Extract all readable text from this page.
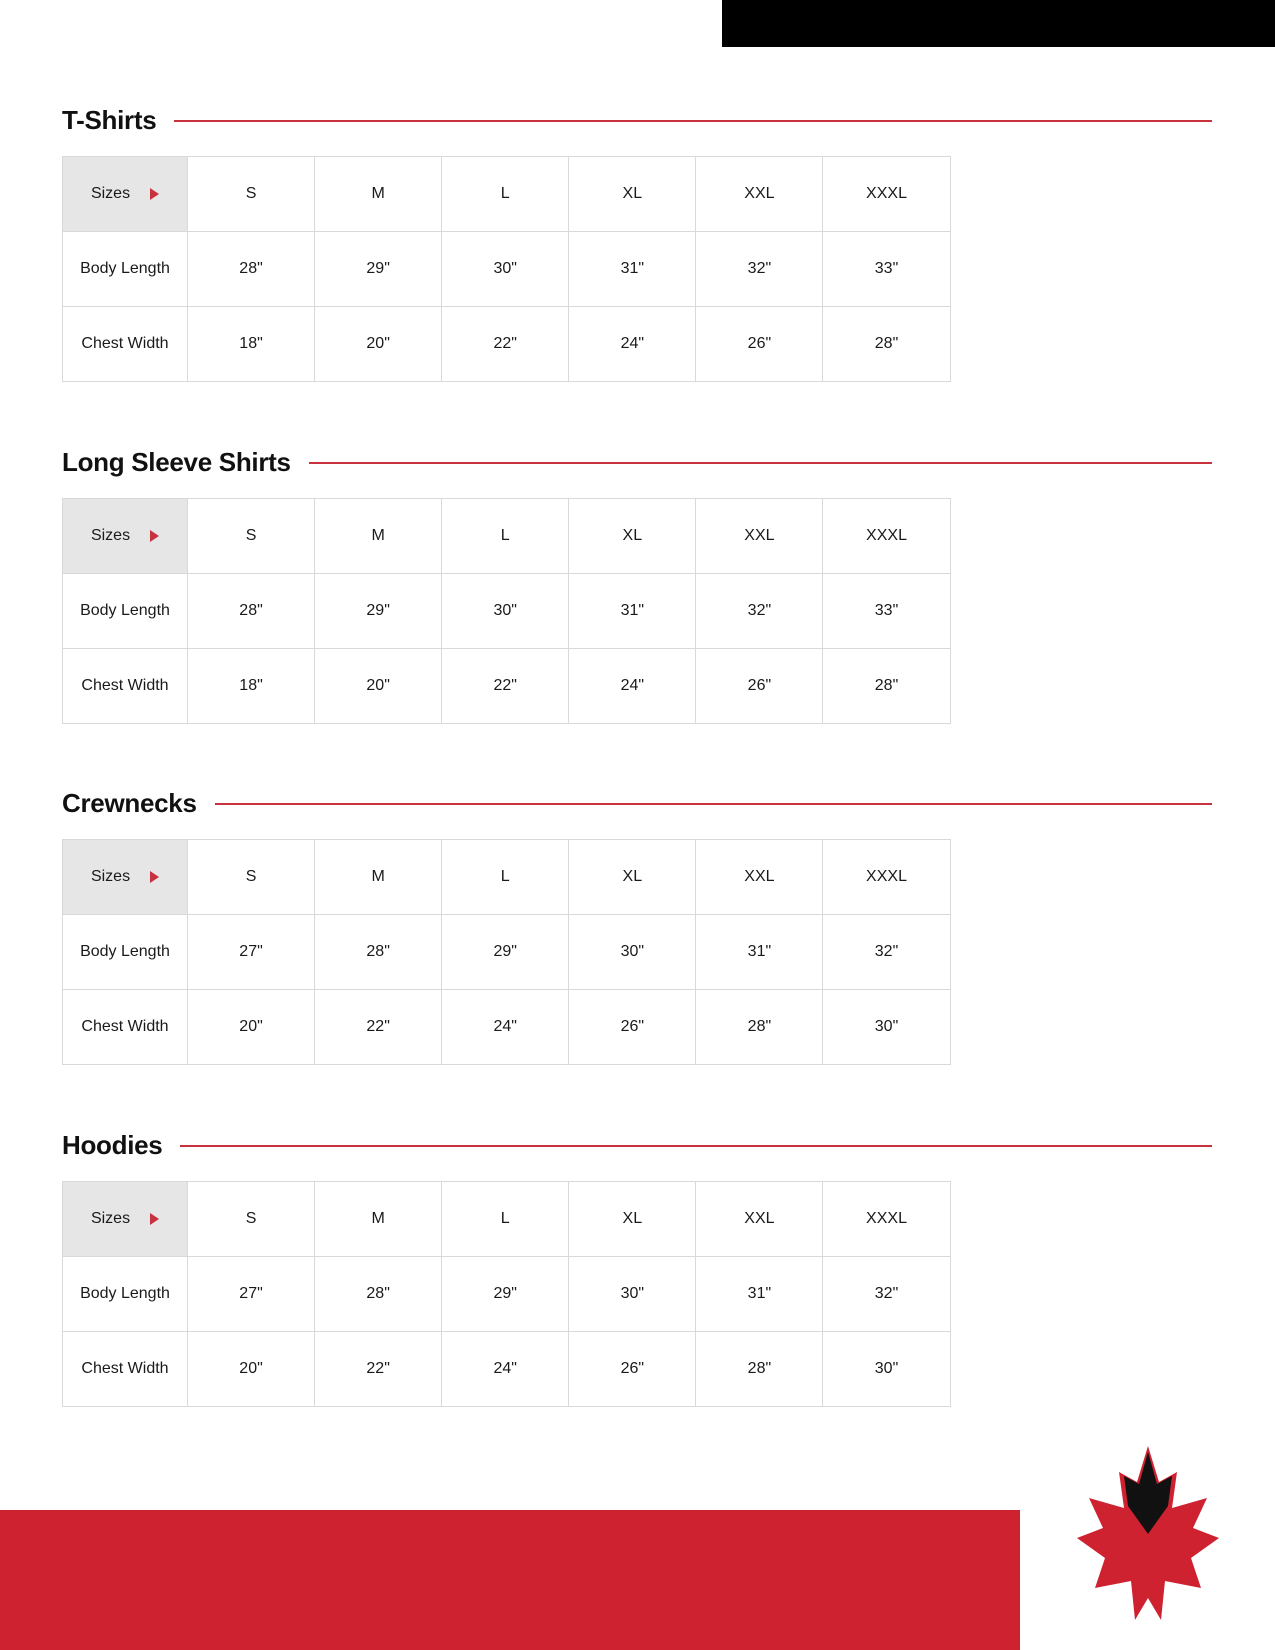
T-Shirts
Sizes	S	M	L	XL	XXL	XXXL
Body Length	28"	29"	30"	31"	32"	33"
Chest Width	18"	20"	22"	24"	26"	28"
Long Sleeve Shirts
Sizes	S	M	L	XL	XXL	XXXL
Body Length	28"	29"	30"	31"	32"	33"
Chest Width	18"	20"	22"	24"	26"	28"
Crewnecks
Sizes	S	M	L	XL	XXL	XXXL
Body Length	27"	28"	29"	30"	31"	32"
Chest Width	20"	22"	24"	26"	28"	30"
Hoodies
Sizes	S	M	L	XL	XXL	XXXL
Body Length	27"	28"	29"	30"	31"	32"
Chest Width	20"	22"	24"	26"	28"	30"
